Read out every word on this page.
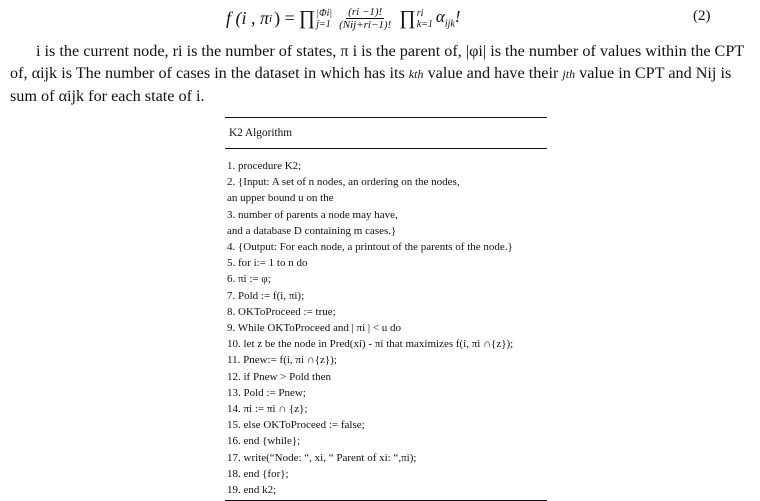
f (i , π i ) = ∏ |Φi|
$j=1 \frac{(ri -1)!}{\text{(Nij+ri−1)!}}$ ∏ ri
k=1 $\alpha_{ijk}$!	(2)
i is the current node, ri is the number of states, π i is the parent of, |φi| is the number of values within the CPT of, αijk is The number of cases in the dataset in which has its kth value and have their jth value in CPT and Nij is sum of αijk for each state of i.
K2 Algorithm
1. procedure K2;
2. {Input: A set of n nodes, an ordering on the nodes,
an upper bound u on the
3. number of parents a node may have,
and a database D containing m cases.}
4. {Output: For each node, a printout of the parents of the node.}
5. for i:= 1 to n do
6. πi := φ;
7. Pold := f(i, πi);
8. OKToProceed := true;
9. While OKToProceed and | πi | < u do
10. let z be the node in Pred(xi) - πi that maximizes f(i, πi ∩{z});
11. Pnew:= f(i, πi ∩{z});
12. if Pnew > Pold then
13. Pold := Pnew;
14. πi := πi ∩ {z};
15. else OKToProceed := false;
16. end {while};
17. write(“Node: “, xi, “ Parent of xi: “,πi);
18. end {for};
19. end k2;
